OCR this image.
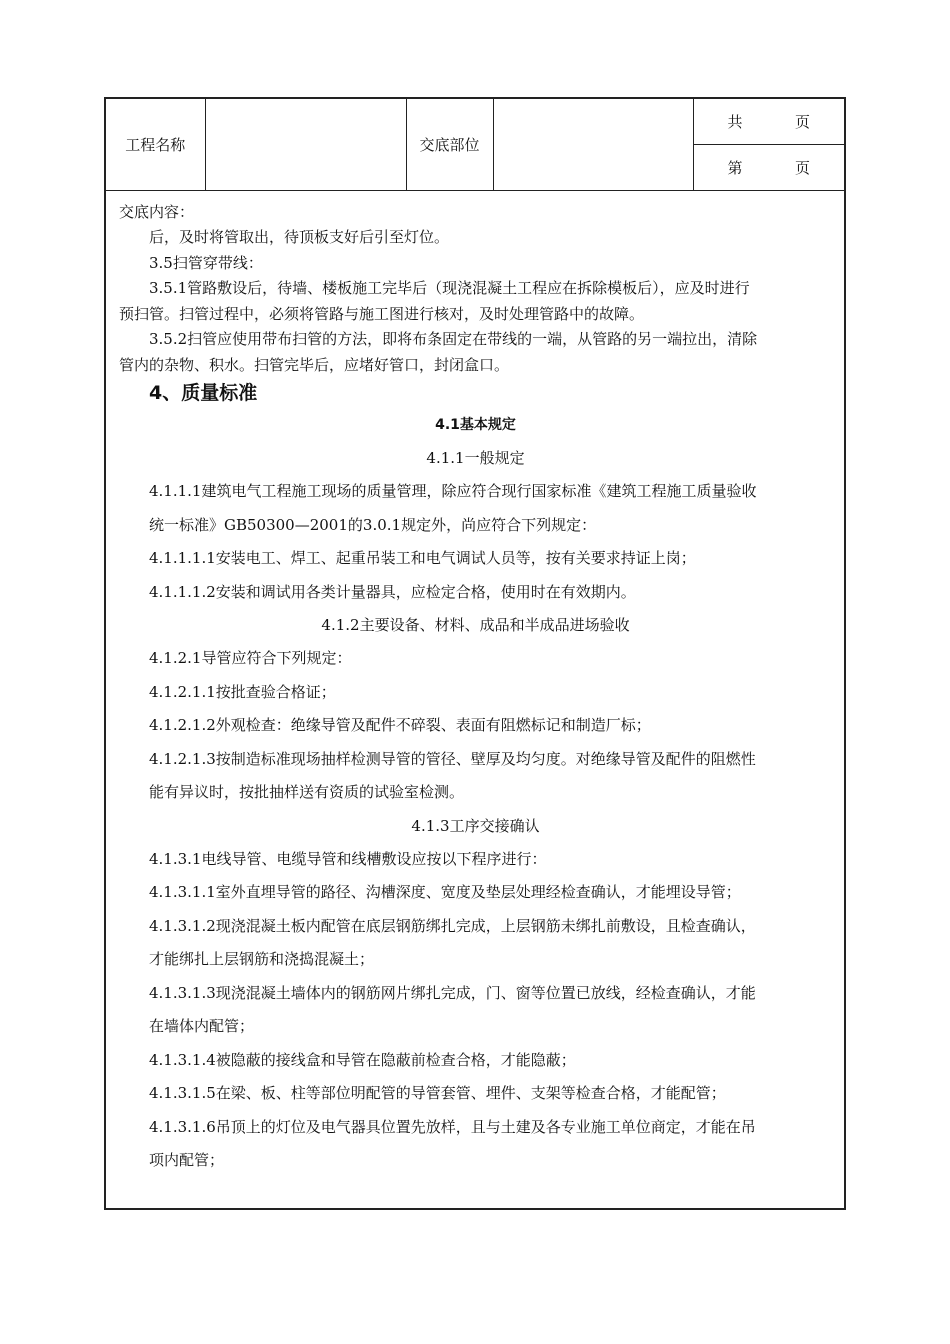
工程名称		交底部位		
共	页

第	页

交底内容：

后，及时将管取出，待顶板支好后引至灯位。

3.5扫管穿带线：

3.5.1管路敷设后，待墙、楼板施工完毕后（现浇混凝土工程应在拆除模板后），应及时进行

预扫管。扫管过程中，必须将管路与施工图进行核对，及时处理管路中的故障。

3.5.2扫管应使用带布扫管的方法，即将布条固定在带线的一端，从管路的另一端拉出，清除

管内的杂物、积水。扫管完毕后，应堵好管口，封闭盒口。

4、质量标准

4.1基本规定

4.1.1一般规定

4.1.1.1建筑电气工程施工现场的质量管理，除应符合现行国家标准《建筑工程施工质量验收

统一标准》GB50300—2001的3.0.1规定外，尚应符合下列规定：

4.1.1.1.1安装电工、焊工、起重吊装工和电气调试人员等，按有关要求持证上岗；

4.1.1.1.2安装和调试用各类计量器具，应检定合格，使用时在有效期内。

4.1.2主要设备、材料、成品和半成品进场验收

4.1.2.1导管应符合下列规定：

4.1.2.1.1按批查验合格证；

4.1.2.1.2外观检查：绝缘导管及配件不碎裂、表面有阻燃标记和制造厂标；

4.1.2.1.3按制造标准现场抽样检测导管的管径、壁厚及均匀度。对绝缘导管及配件的阻燃性

能有异议时，按批抽样送有资质的试验室检测。

4.1.3工序交接确认

4.1.3.1电线导管、电缆导管和线槽敷设应按以下程序进行：

4.1.3.1.1室外直埋导管的路径、沟槽深度、宽度及垫层处理经检查确认，才能埋设导管；

4.1.3.1.2现浇混凝土板内配管在底层钢筋绑扎完成，上层钢筋未绑扎前敷设，且检查确认，

才能绑扎上层钢筋和浇捣混凝土；

4.1.3.1.3现浇混凝土墙体内的钢筋网片绑扎完成，门、窗等位置已放线，经检查确认，才能

在墙体内配管；

4.1.3.1.4被隐蔽的接线盒和导管在隐蔽前检查合格，才能隐蔽；

4.1.3.1.5在梁、板、柱等部位明配管的导管套管、埋件、支架等检查合格，才能配管；

4.1.3.1.6吊顶上的灯位及电气器具位置先放样，且与土建及各专业施工单位商定，才能在吊

项内配管；
